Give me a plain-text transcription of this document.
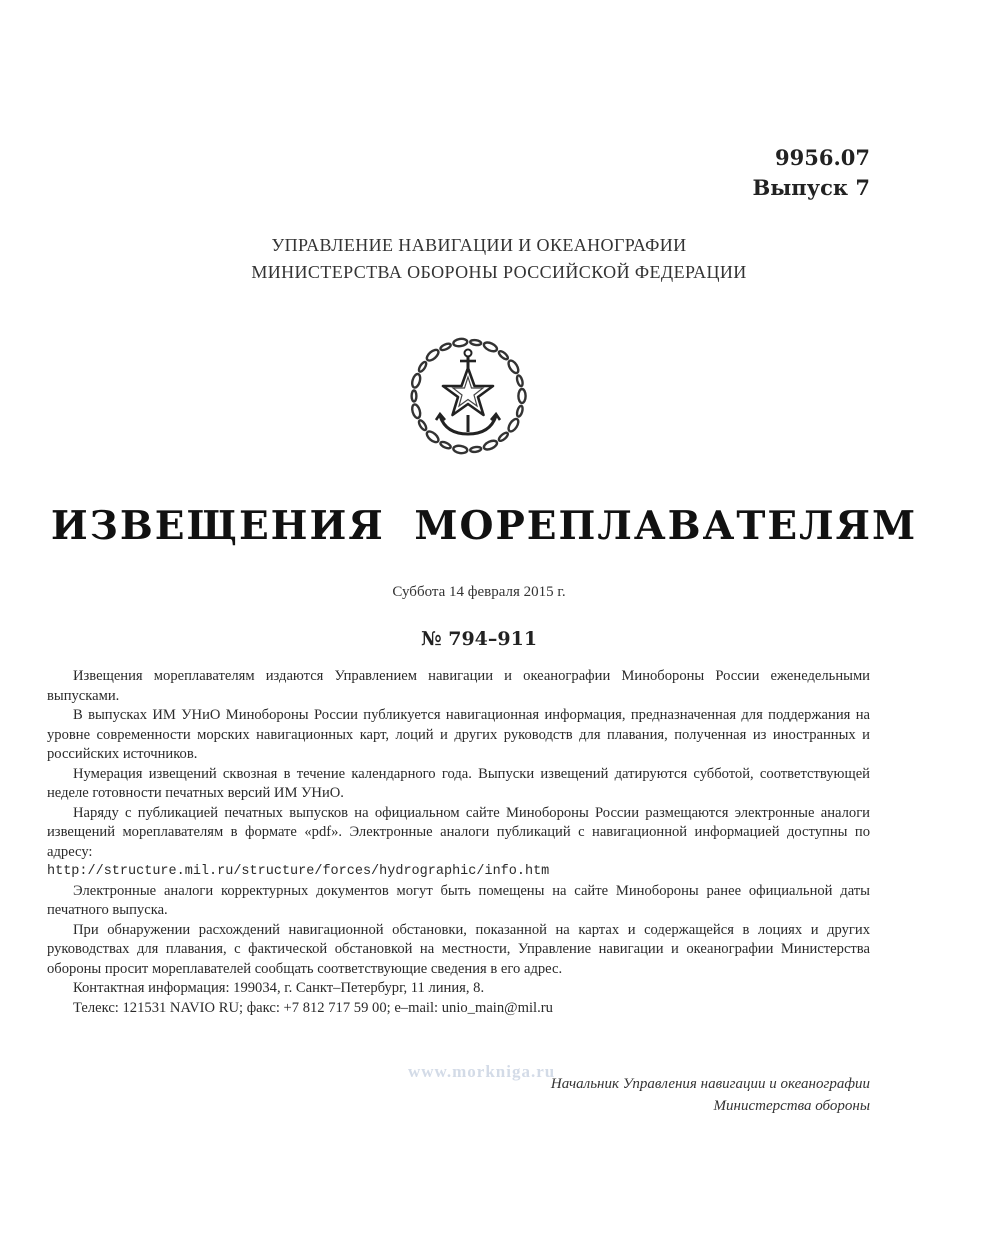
9956.07
Выпуск 7
УПРАВЛЕНИЕ НАВИГАЦИИ И ОКЕАНОГРАФИИ
МИНИСТЕРСТВА ОБОРОНЫ РОССИЙСКОЙ ФЕДЕРАЦИИ
ИЗВЕЩЕНИЯ МОРЕПЛАВАТЕЛЯМ
Суббота 14 февраля 2015 г.
№ 794–911

Извещения мореплавателям издаются Управлением навигации и океанографии Минобороны России еженедельными выпусками.

В выпусках ИМ УНиО Минобороны России публикуется навигационная информация, предназначенная для поддержания на уровне современности морских навигационных карт, лоций и других руководств для плавания, полученная из иностранных и российских источников.

Нумерация извещений сквозная в течение календарного года. Выпуски извещений датируются субботой, соответствующей неделе готовности печатных версий ИМ УНиО.

Наряду с публикацией печатных выпусков на официальном сайте Минобороны России размещаются электронные аналоги извещений мореплавателям в формате «pdf». Электронные аналоги публикаций с навигационной информацией доступны по адресу:

http://structure.mil.ru/structure/forces/hydrographic/info.htm

Электронные аналоги корректурных документов могут быть помещены на сайте Минобороны ранее официальной даты печатного выпуска.

При обнаружении расхождений навигационной обстановки, показанной на картах и содержащейся в лоциях и других руководствах для плавания, с фактической обстановкой на местности, Управление навигации и океанографии Министерства обороны просит мореплавателей сообщать соответствующие сведения в его адрес.

Контактная информация: 199034, г. Санкт–Петербург, 11 линия, 8.

Телекс: 121531 NAVIO RU; факс: +7 812 717 59 00; e–mail: unio_main@mil.ru

www.morkniga.ru
Начальник Управления навигации и океанографии
Министерства обороны
